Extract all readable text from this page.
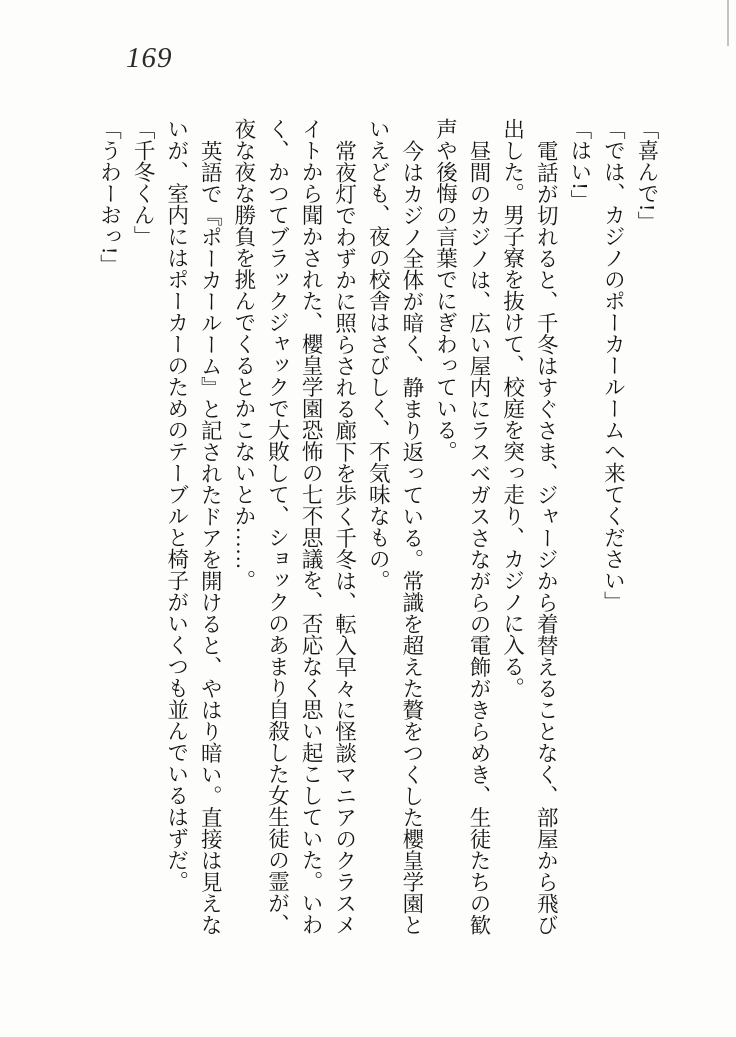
169

「喜んで!」

「では、カジノのポーカールームへ来てください」

「はい!」

電話が切れると、千冬はすぐさま、ジャージから着替えることなく、部屋から飛び

出した。男子寮を抜けて、校庭を突っ走り、カジノに入る。

昼間のカジノは、広い屋内にラスベガスさながらの電飾がきらめき、生徒たちの歓

声や後悔の言葉でにぎわっている。

今はカジノ全体が暗く、静まり返っている。常識を超えた贅をつくした櫻皇学園と

いえども、夜の校舎はさびしく、不気味なもの。

常夜灯でわずかに照らされる廊下を歩く千冬は、転入早々に怪談マニアのクラスメ

イトから聞かされた、櫻皇学園恐怖の七不思議を、否応なく思い起こしていた。いわ

く、かつてブラックジャックで大敗して、ショックのあまり自殺した女生徒の霊が、

夜な夜な勝負を挑んでくるとかこないとか……。

英語で『ポーカールーム』と記されたドアを開けると、やはり暗い。直接は見えな

いが、室内にはポーカーのためのテーブルと椅子がいくつも並んでいるはずだ。

「千冬くん」

「うわーおっ!」
